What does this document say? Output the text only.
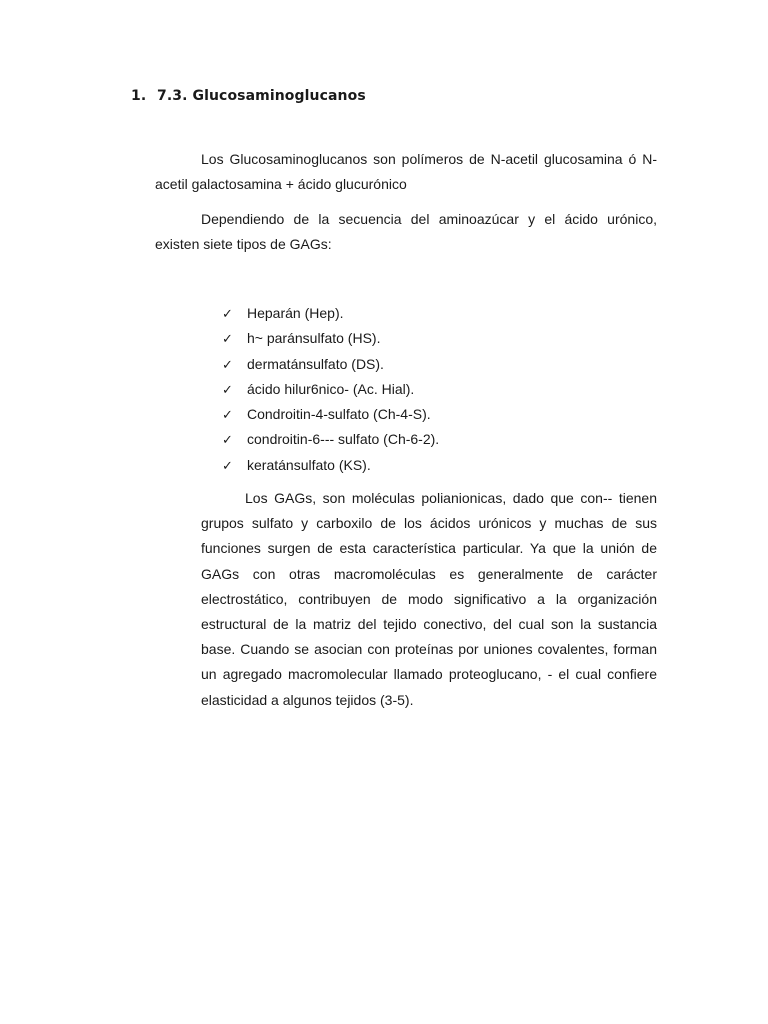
1. 7.3. Glucosaminoglucanos

Los Glucosaminoglucanos son polímeros de N-acetil glucosamina ó N- acetil galactosamina + ácido glucurónico

Dependiendo de la secuencia del aminoazúcar y el ácido urónico, existen siete tipos de GAGs:

✓ Heparán (Hep).
✓ h~ paránsulfato (HS).
✓ dermatánsulfato (DS).
✓ ácido hilur6nico- (Ac. Hial).
✓ Condroitin-4-sulfato (Ch-4-S).
✓ condroitin-6--- sulfato (Ch-6-2).
✓ keratánsulfato (KS).

Los GAGs, son moléculas polianionicas, dado que con-- tienen grupos sulfato y carboxilo de los ácidos urónicos y muchas de sus funciones surgen de esta característica particular. Ya que la unión de GAGs con otras macromoléculas es generalmente de carácter electrostático, contribuyen de modo significativo a la organización estructural de la matriz del tejido conectivo, del cual son la sustancia base. Cuando se asocian con proteínas por uniones covalentes, forman un agregado macromolecular llamado proteoglucano, - el cual confiere elasticidad a algunos tejidos (3-5).
